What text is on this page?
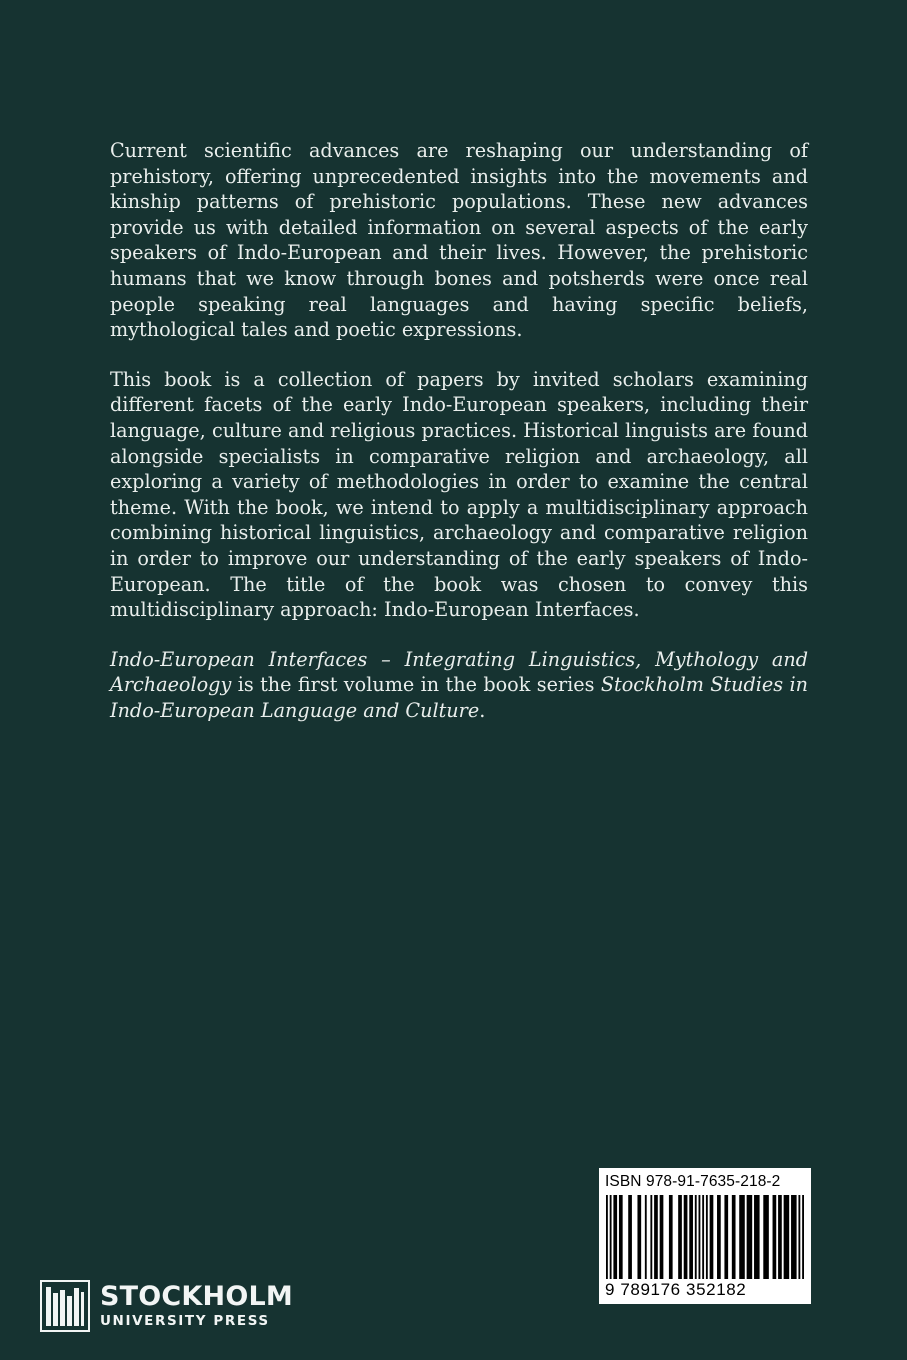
Current scientific advances are reshaping our understanding of prehistory, offering unprecedented insights into the movements and kinship patterns of prehistoric populations. These new advances provide us with detailed information on several aspects of the early speakers of Indo-European and their lives. However, the prehistoric humans that we know through bones and potsherds were once real people speaking real languages and having specific beliefs, mythological tales and poetic expressions.

This book is a collection of papers by invited scholars examining different facets of the early Indo-European speakers, including their language, culture and religious practices. Historical linguists are found alongside specialists in comparative religion and archaeology, all exploring a variety of methodologies in order to examine the central theme. With the book, we intend to apply a multidisciplinary approach combining historical linguistics, archaeology and comparative religion in order to improve our understanding of the early speakers of Indo-European. The title of the book was chosen to convey this multidisciplinary approach: Indo-European Interfaces.

Indo-European Interfaces – Integrating Linguistics, Mythology and Archaeology is the first volume in the book series Stockholm Studies in Indo-European Language and Culture.

ISBN 978-91-7635-218-2
9 789176 352182
STOCKHOLM
UNIVERSITY PRESS
